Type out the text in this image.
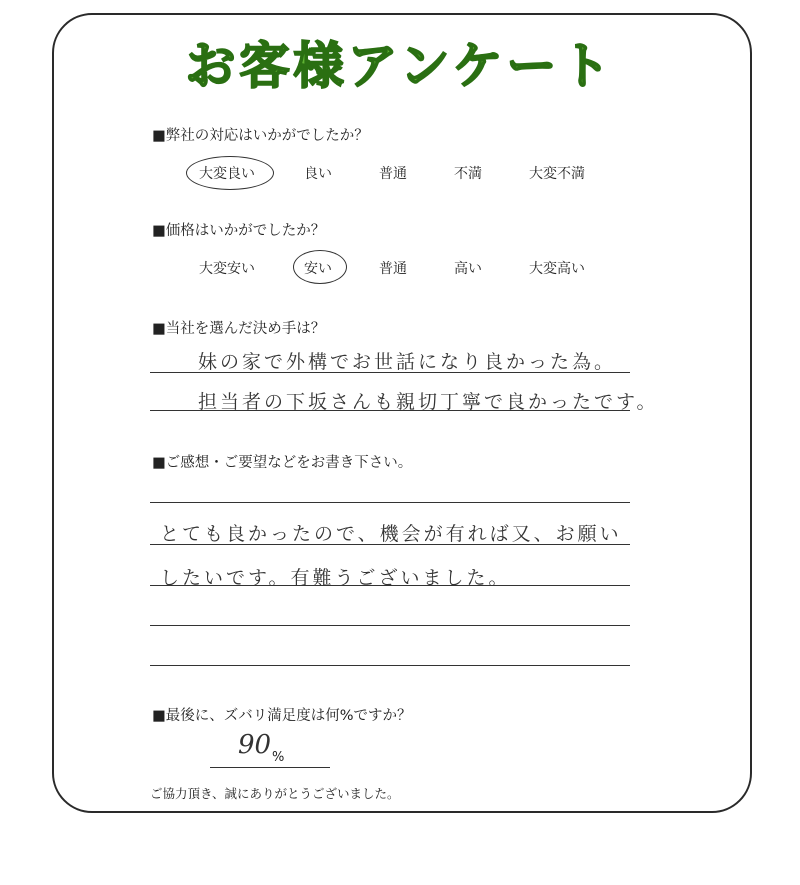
お客様アンケート
■弊社の対応はいかがでしたか？
大変良い	良い	普通	不満	大変不満
■価格はいかがでしたか？
大変安い	安い	普通	高い	大変高い
■当社を選んだ決め手は？
妹の家で外構でお世話になり良かった為。
担当者の下坂さんも親切丁寧で良かったです。
■ご感想・ご要望などをお書き下さい。
とても良かったので、機会が有れば又、お願い
したいです。有難うございました。
■最後に、ズバリ満足度は何%ですか？
90 %
ご協力頂き、誠にありがとうございました。
